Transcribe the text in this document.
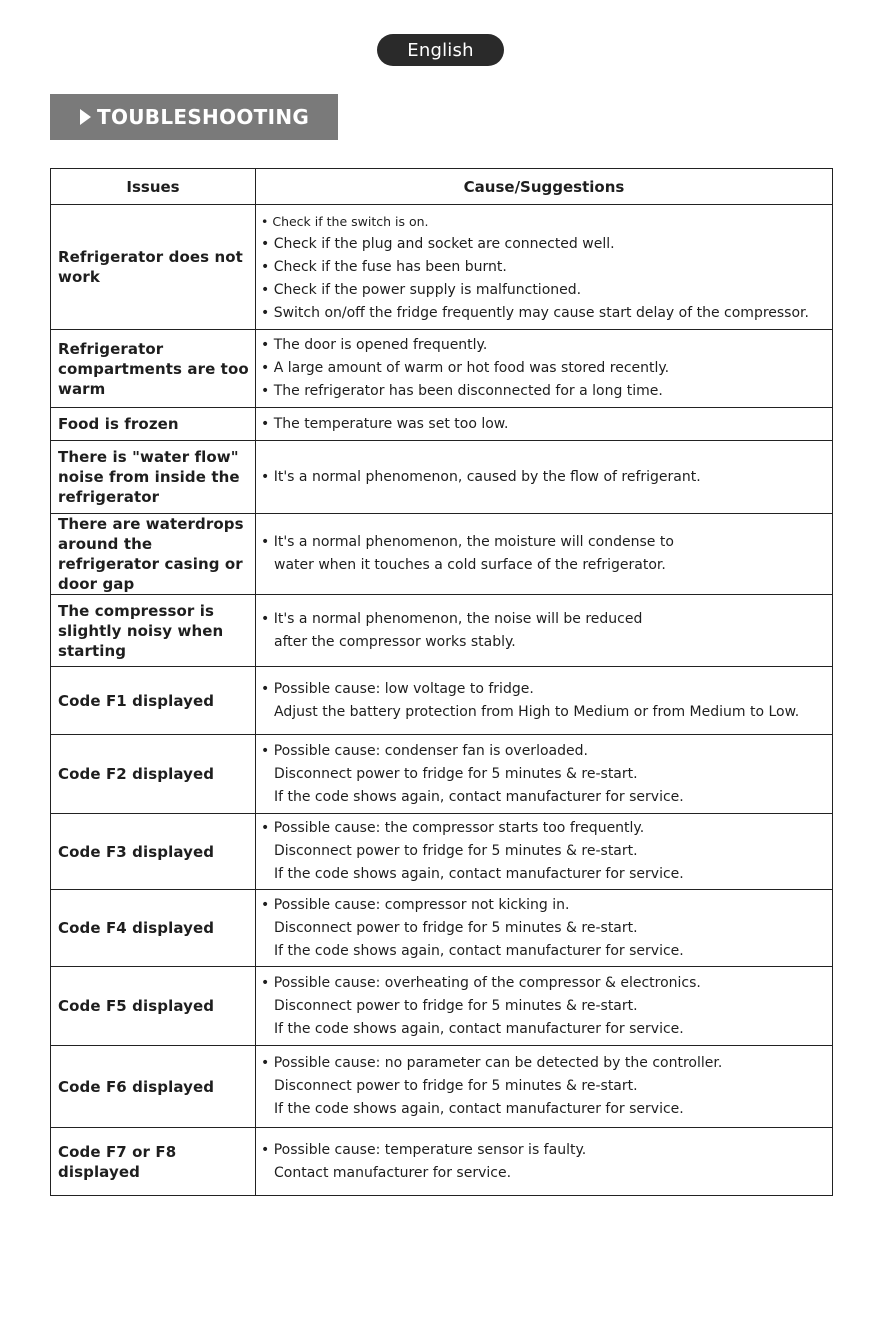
English
TOUBLESHOOTING
Issues	Cause/Suggestions
Refrigerator does not work	• Check if the switch is on.
• Check if the plug and socket are connected well.
• Check if the fuse has been burnt.
• Check if the power supply is malfunctioned.
• Switch on/off the fridge frequently may cause start delay of the compressor.

Refrigerator compartments are too warm	• The door is opened frequently.
• A large amount of warm or hot food was stored recently.
• The refrigerator has been disconnected for a long time.

Food is frozen	• The temperature was set too low.

There is "water flow" noise from inside the refrigerator	• It's a normal phenomenon, caused by the flow of refrigerant.

There are waterdrops around the refrigerator casing or door gap	• It's a normal phenomenon, the moisture will condense to
water when it touches a cold surface of the refrigerator.

The compressor is slightly noisy when starting	• It's a normal phenomenon, the noise will be reduced
after the compressor works stably.

Code F1 displayed	• Possible cause: low voltage to fridge.
Adjust the battery protection from High to Medium or from Medium to Low.

Code F2 displayed	• Possible cause: condenser fan is overloaded.
Disconnect power to fridge for 5 minutes & re-start.
If the code shows again, contact manufacturer for service.

Code F3 displayed	• Possible cause: the compressor starts too frequently.
Disconnect power to fridge for 5 minutes & re-start.
If the code shows again, contact manufacturer for service.

Code F4 displayed	• Possible cause: compressor not kicking in.
Disconnect power to fridge for 5 minutes & re-start.
If the code shows again, contact manufacturer for service.

Code F5 displayed	• Possible cause: overheating of the compressor & electronics.
Disconnect power to fridge for 5 minutes & re-start.
If the code shows again, contact manufacturer for service.

Code F6 displayed	• Possible cause: no parameter can be detected by the controller.
Disconnect power to fridge for 5 minutes & re-start.
If the code shows again, contact manufacturer for service.

Code F7 or F8 displayed	• Possible cause: temperature sensor is faulty.
Contact manufacturer for service.
